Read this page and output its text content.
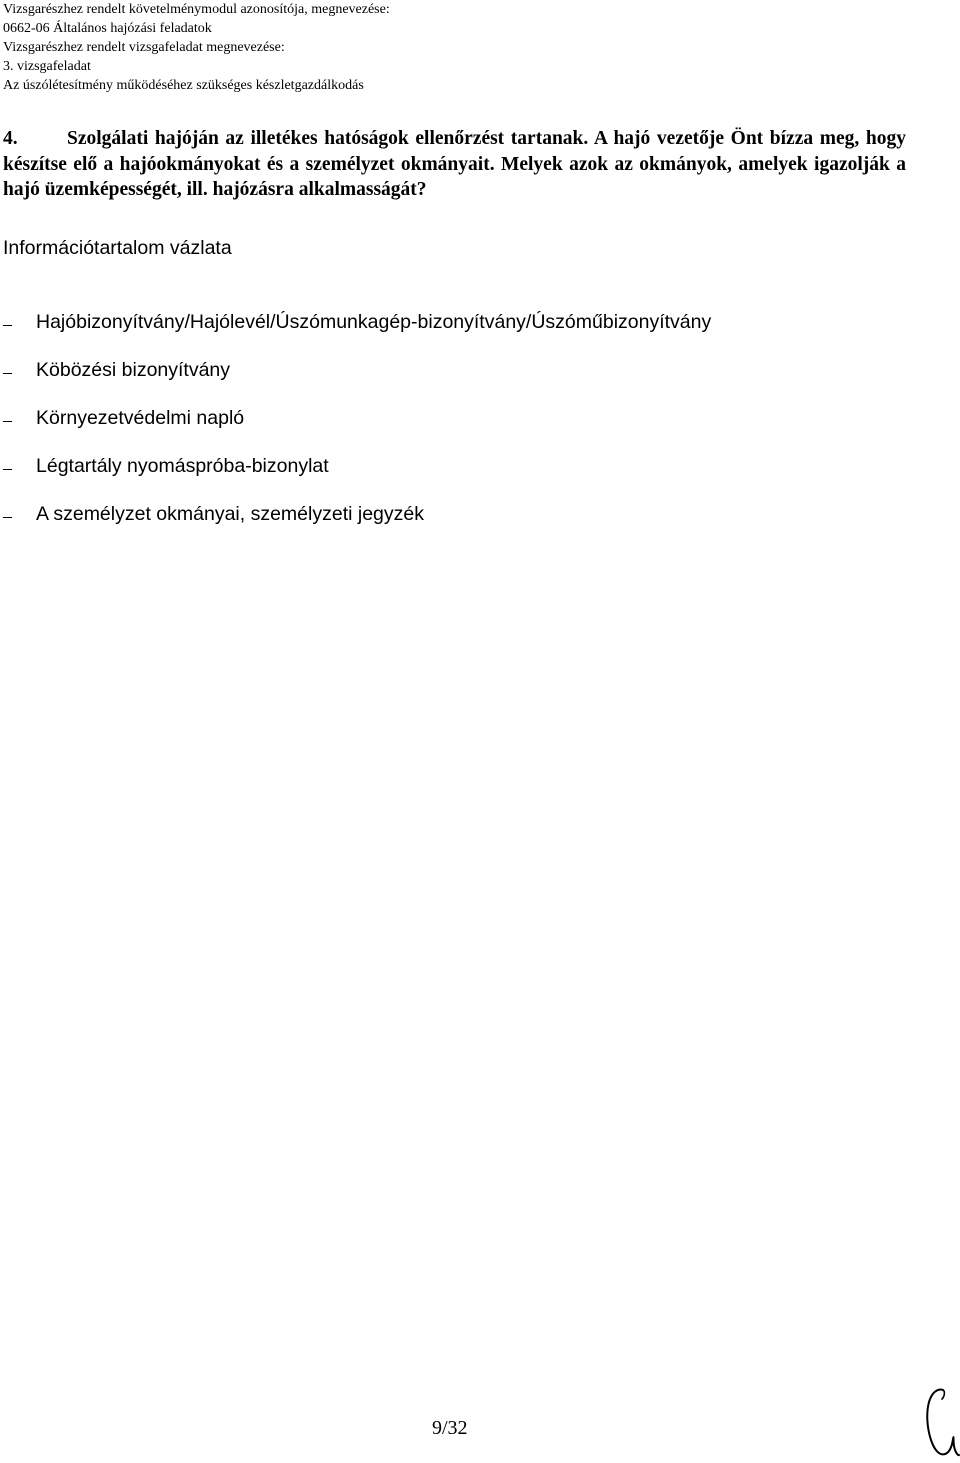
Vizsgarészhez rendelt követelménymodul azonosítója, megnevezése:
0662-06 Általános hajózási feladatok
Vizsgarészhez rendelt vizsgafeladat megnevezése:
3. vizsgafeladat
Az úszólétesítmény működéséhez szükséges készletgazdálkodás
4.	Szolgálati hajóján az illetékes hatóságok ellenőrzést tartanak. A hajó vezetője Önt bízza meg, hogy készítse elő a hajóokmányokat és a személyzet okmányait. Melyek azok az okmányok, amelyek igazolják a hajó üzemképességét, ill. hajózásra alkalmasságát?
Információtartalom vázlata
Hajóbizonyítvány/Hajólevél/Úszómunkagép-bizonyítvány/Úszóműbizonyítvány
Köbözési bizonyítvány
Környezetvédelmi napló
Légtartály nyomáspróba-bizonylat
A személyzet okmányai, személyzeti jegyzék
9/32
